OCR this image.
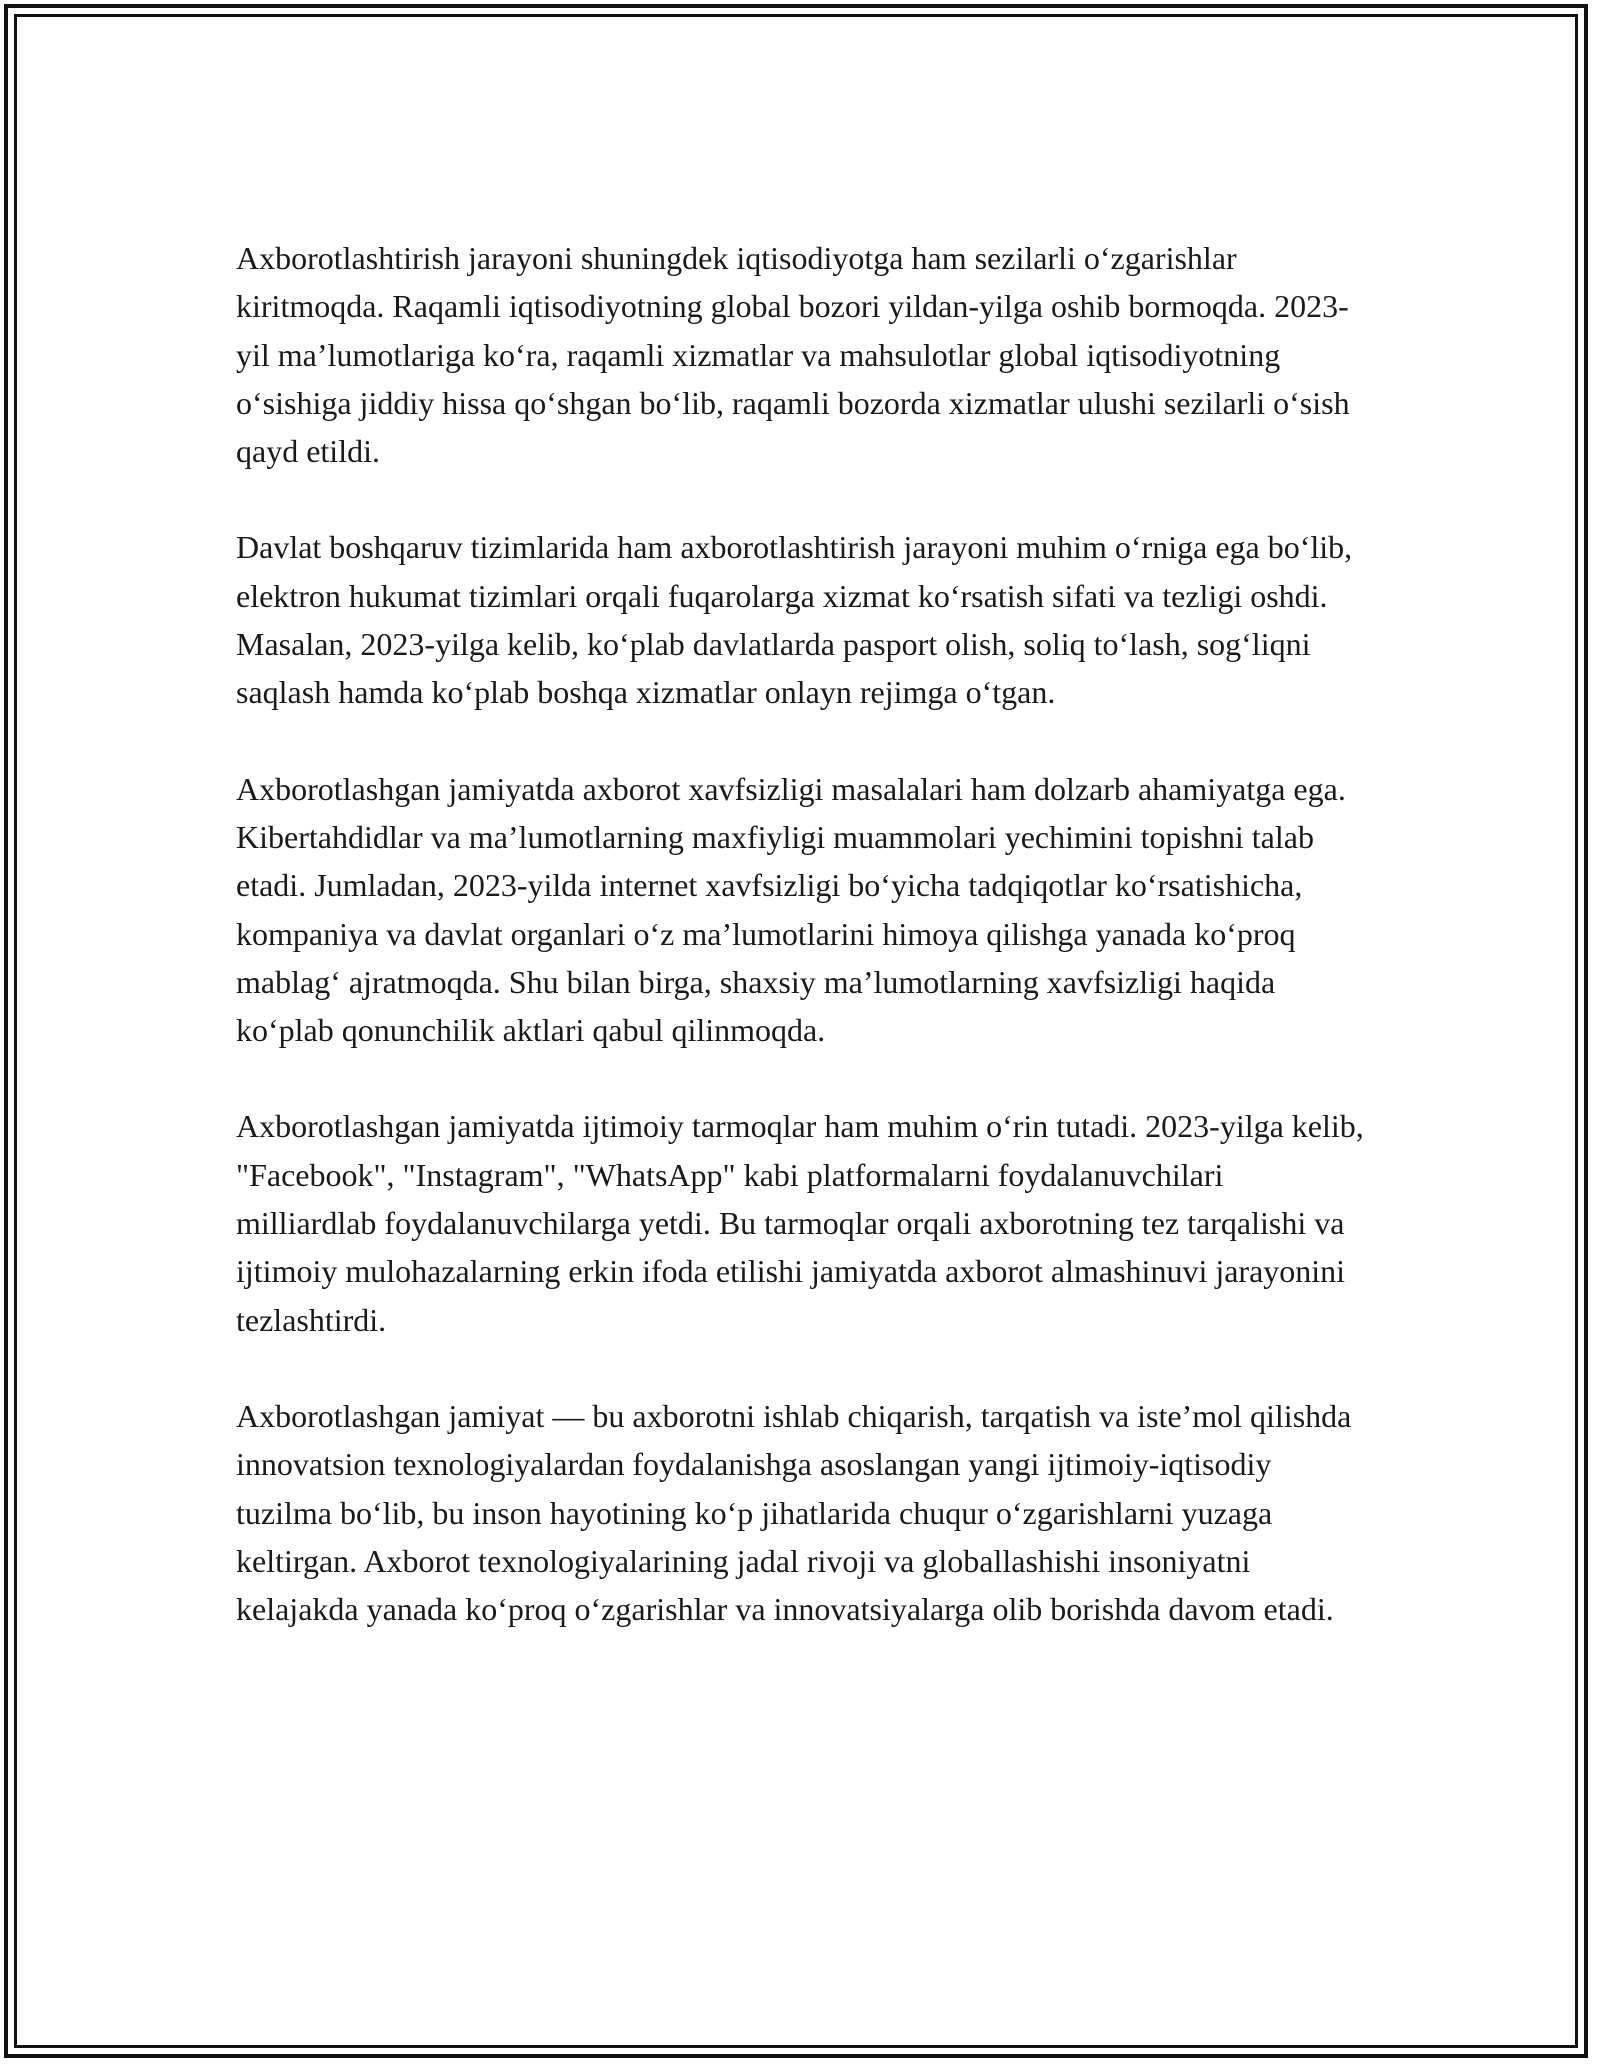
Axborotlashtirish jarayoni shuningdek iqtisodiyotga ham sezilarli o‘zgarishlar kiritmoqda. Raqamli iqtisodiyotning global bozori yildan-yilga oshib bormoqda. 2023-yil ma’lumotlariga ko‘ra, raqamli xizmatlar va mahsulotlar global iqtisodiyotning o‘sishiga jiddiy hissa qo‘shgan bo‘lib, raqamli bozorda xizmatlar ulushi sezilarli o‘sish qayd etildi.

Davlat boshqaruv tizimlarida ham axborotlashtirish jarayoni muhim o‘rniga ega bo‘lib, elektron hukumat tizimlari orqali fuqarolarga xizmat ko‘rsatish sifati va tezligi oshdi. Masalan, 2023-yilga kelib, ko‘plab davlatlarda pasport olish, soliq to‘lash, sog‘liqni saqlash hamda ko‘plab boshqa xizmatlar onlayn rejimga o‘tgan.

Axborotlashgan jamiyatda axborot xavfsizligi masalalari ham dolzarb ahamiyatga ega. Kibertahdidlar va ma’lumotlarning maxfiyligi muammolari yechimini topishni talab etadi. Jumladan, 2023-yilda internet xavfsizligi bo‘yicha tadqiqotlar ko‘rsatishicha, kompaniya va davlat organlari o‘z ma’lumotlarini himoya qilishga yanada ko‘proq mablag‘ ajratmoqda. Shu bilan birga, shaxsiy ma’lumotlarning xavfsizligi haqida ko‘plab qonunchilik aktlari qabul qilinmoqda.

Axborotlashgan jamiyatda ijtimoiy tarmoqlar ham muhim o‘rin tutadi. 2023-yilga kelib, "Facebook", "Instagram", "WhatsApp" kabi platformalarni foydalanuvchilari milliardlab foydalanuvchilarga yetdi. Bu tarmoqlar orqali axborotning tez tarqalishi va ijtimoiy mulohazalarning erkin ifoda etilishi jamiyatda axborot almashinuvi jarayonini tezlashtirdi.

Axborotlashgan jamiyat — bu axborotni ishlab chiqarish, tarqatish va iste’mol qilishda innovatsion texnologiyalardan foydalanishga asoslangan yangi ijtimoiy-iqtisodiy tuzilma bo‘lib, bu inson hayotining ko‘p jihatlarida chuqur o‘zgarishlarni yuzaga keltirgan. Axborot texnologiyalarining jadal rivoji va globallashishi insoniyatni kelajakda yanada ko‘proq o‘zgarishlar va innovatsiyalarga olib borishda davom etadi.
